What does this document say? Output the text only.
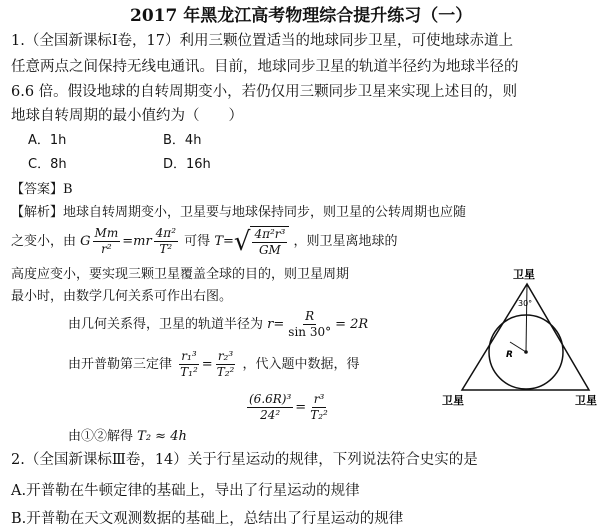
2017 年黑龙江高考物理综合提升练习（一）
1.（全国新课标Ⅰ卷，17）利用三颗位置适当的地球同步卫星，可使地球赤道上
任意两点之间保持无线电通讯。目前，地球同步卫星的轨道半径约为地球半径的
6.6 倍。假设地球的自转周期变小，若仍仅用三颗同步卫星来实现上述目的，则
地球自转周期的最小值约为（　　）
A．1h	B．4h
C．8h	D．16h
【答案】B
【解析】地球自转周期变小，卫星要与地球保持同步，则卫星的公转周期也应随
之变小，由 G $\frac{Mm}{\text{r²}} =mr \frac{\text{4π²}}{\text{T²}}$ 可得 T= √ $\frac{\text{4π²r³}}{GM}$ ，则卫星离地球的
高度应变小，要实现三颗卫星覆盖全球的目的，则卫星周期
最小时，由数学几何关系可作出右图。
由几何关系得，卫星的轨道半径为 $r= \frac{R}{\sin 30^\circ} = 2R$
由开普勒第三定律 $\frac{\text{r₁³}}{\text{T₁²}} = \frac{\text{r₂³}}{\text{T₂²}}$ ，代入题中数据，得
$\frac{\text{(6.6R)³}}{\text{24²}} = \frac{\text{r³}}{\text{T₂²}}$
由①②解得 T₂ ≈ 4h
卫星
卫星	卫星
30°
R
2.（全国新课标Ⅲ卷，14）关于行星运动的规律，下列说法符合史实的是
A.开普勒在牛顿定律的基础上，导出了行星运动的规律
B.开普勒在天文观测数据的基础上，总结出了行星运动的规律
